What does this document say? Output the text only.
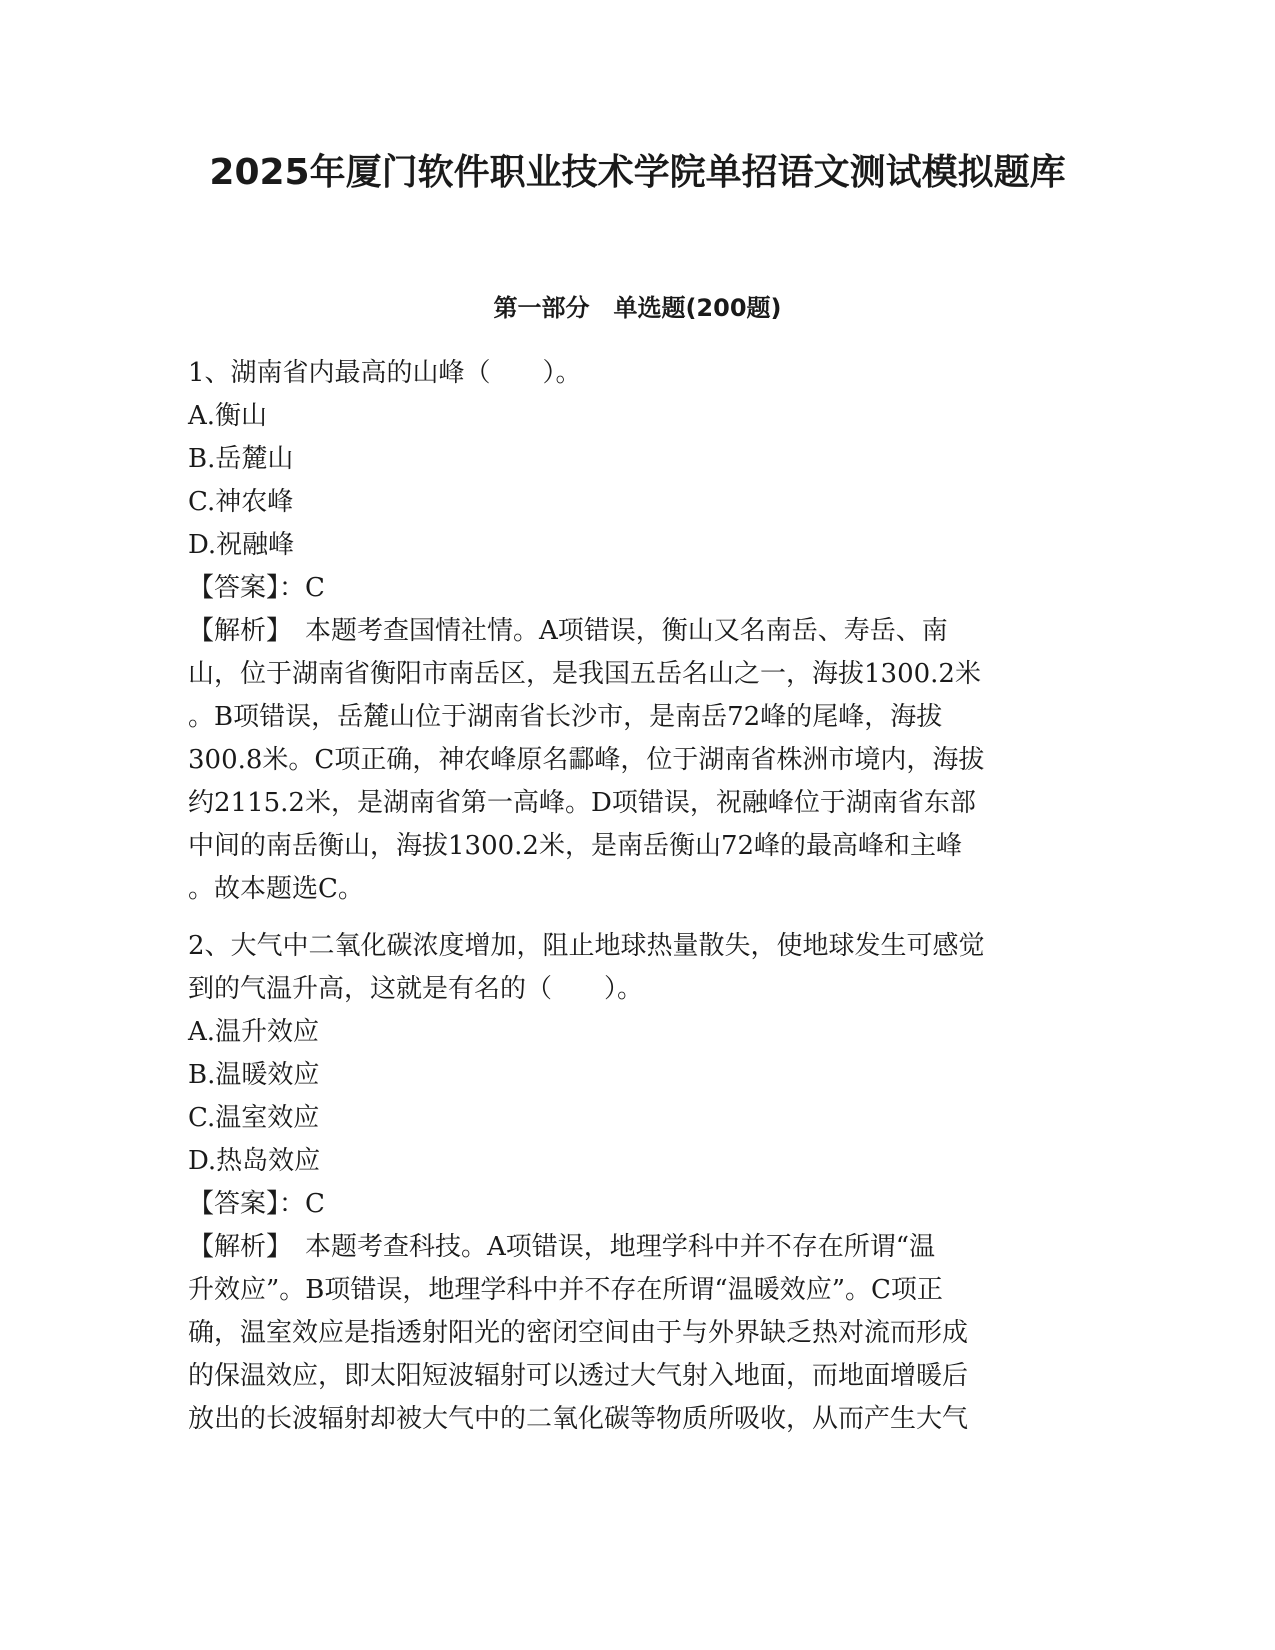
2025年厦门软件职业技术学院单招语文测试模拟题库
第一部分　单选题(200题)
1、湖南省内最高的山峰（　　）。
A.衡山
B.岳麓山
C.神农峰
D.祝融峰
【答案】：C
【解析】　本题考查国情社情。A项错误，衡山又名南岳、寿岳、南
山，位于湖南省衡阳市南岳区，是我国五岳名山之一，海拔1300.2米
。B项错误，岳麓山位于湖南省长沙市，是南岳72峰的尾峰，海拔
300.8米。C项正确，神农峰原名酃峰，位于湖南省株洲市境内，海拔
约2115.2米，是湖南省第一高峰。D项错误，祝融峰位于湖南省东部
中间的南岳衡山，海拔1300.2米，是南岳衡山72峰的最高峰和主峰
。故本题选C。
2、大气中二氧化碳浓度增加，阻止地球热量散失，使地球发生可感觉
到的气温升高，这就是有名的（　　）。
A.温升效应
B.温暖效应
C.温室效应
D.热岛效应
【答案】：C
【解析】　本题考查科技。A项错误，地理学科中并不存在所谓“温
升效应”。B项错误，地理学科中并不存在所谓“温暖效应”。C项正
确，温室效应是指透射阳光的密闭空间由于与外界缺乏热对流而形成
的保温效应，即太阳短波辐射可以透过大气射入地面，而地面增暖后
放出的长波辐射却被大气中的二氧化碳等物质所吸收，从而产生大气
